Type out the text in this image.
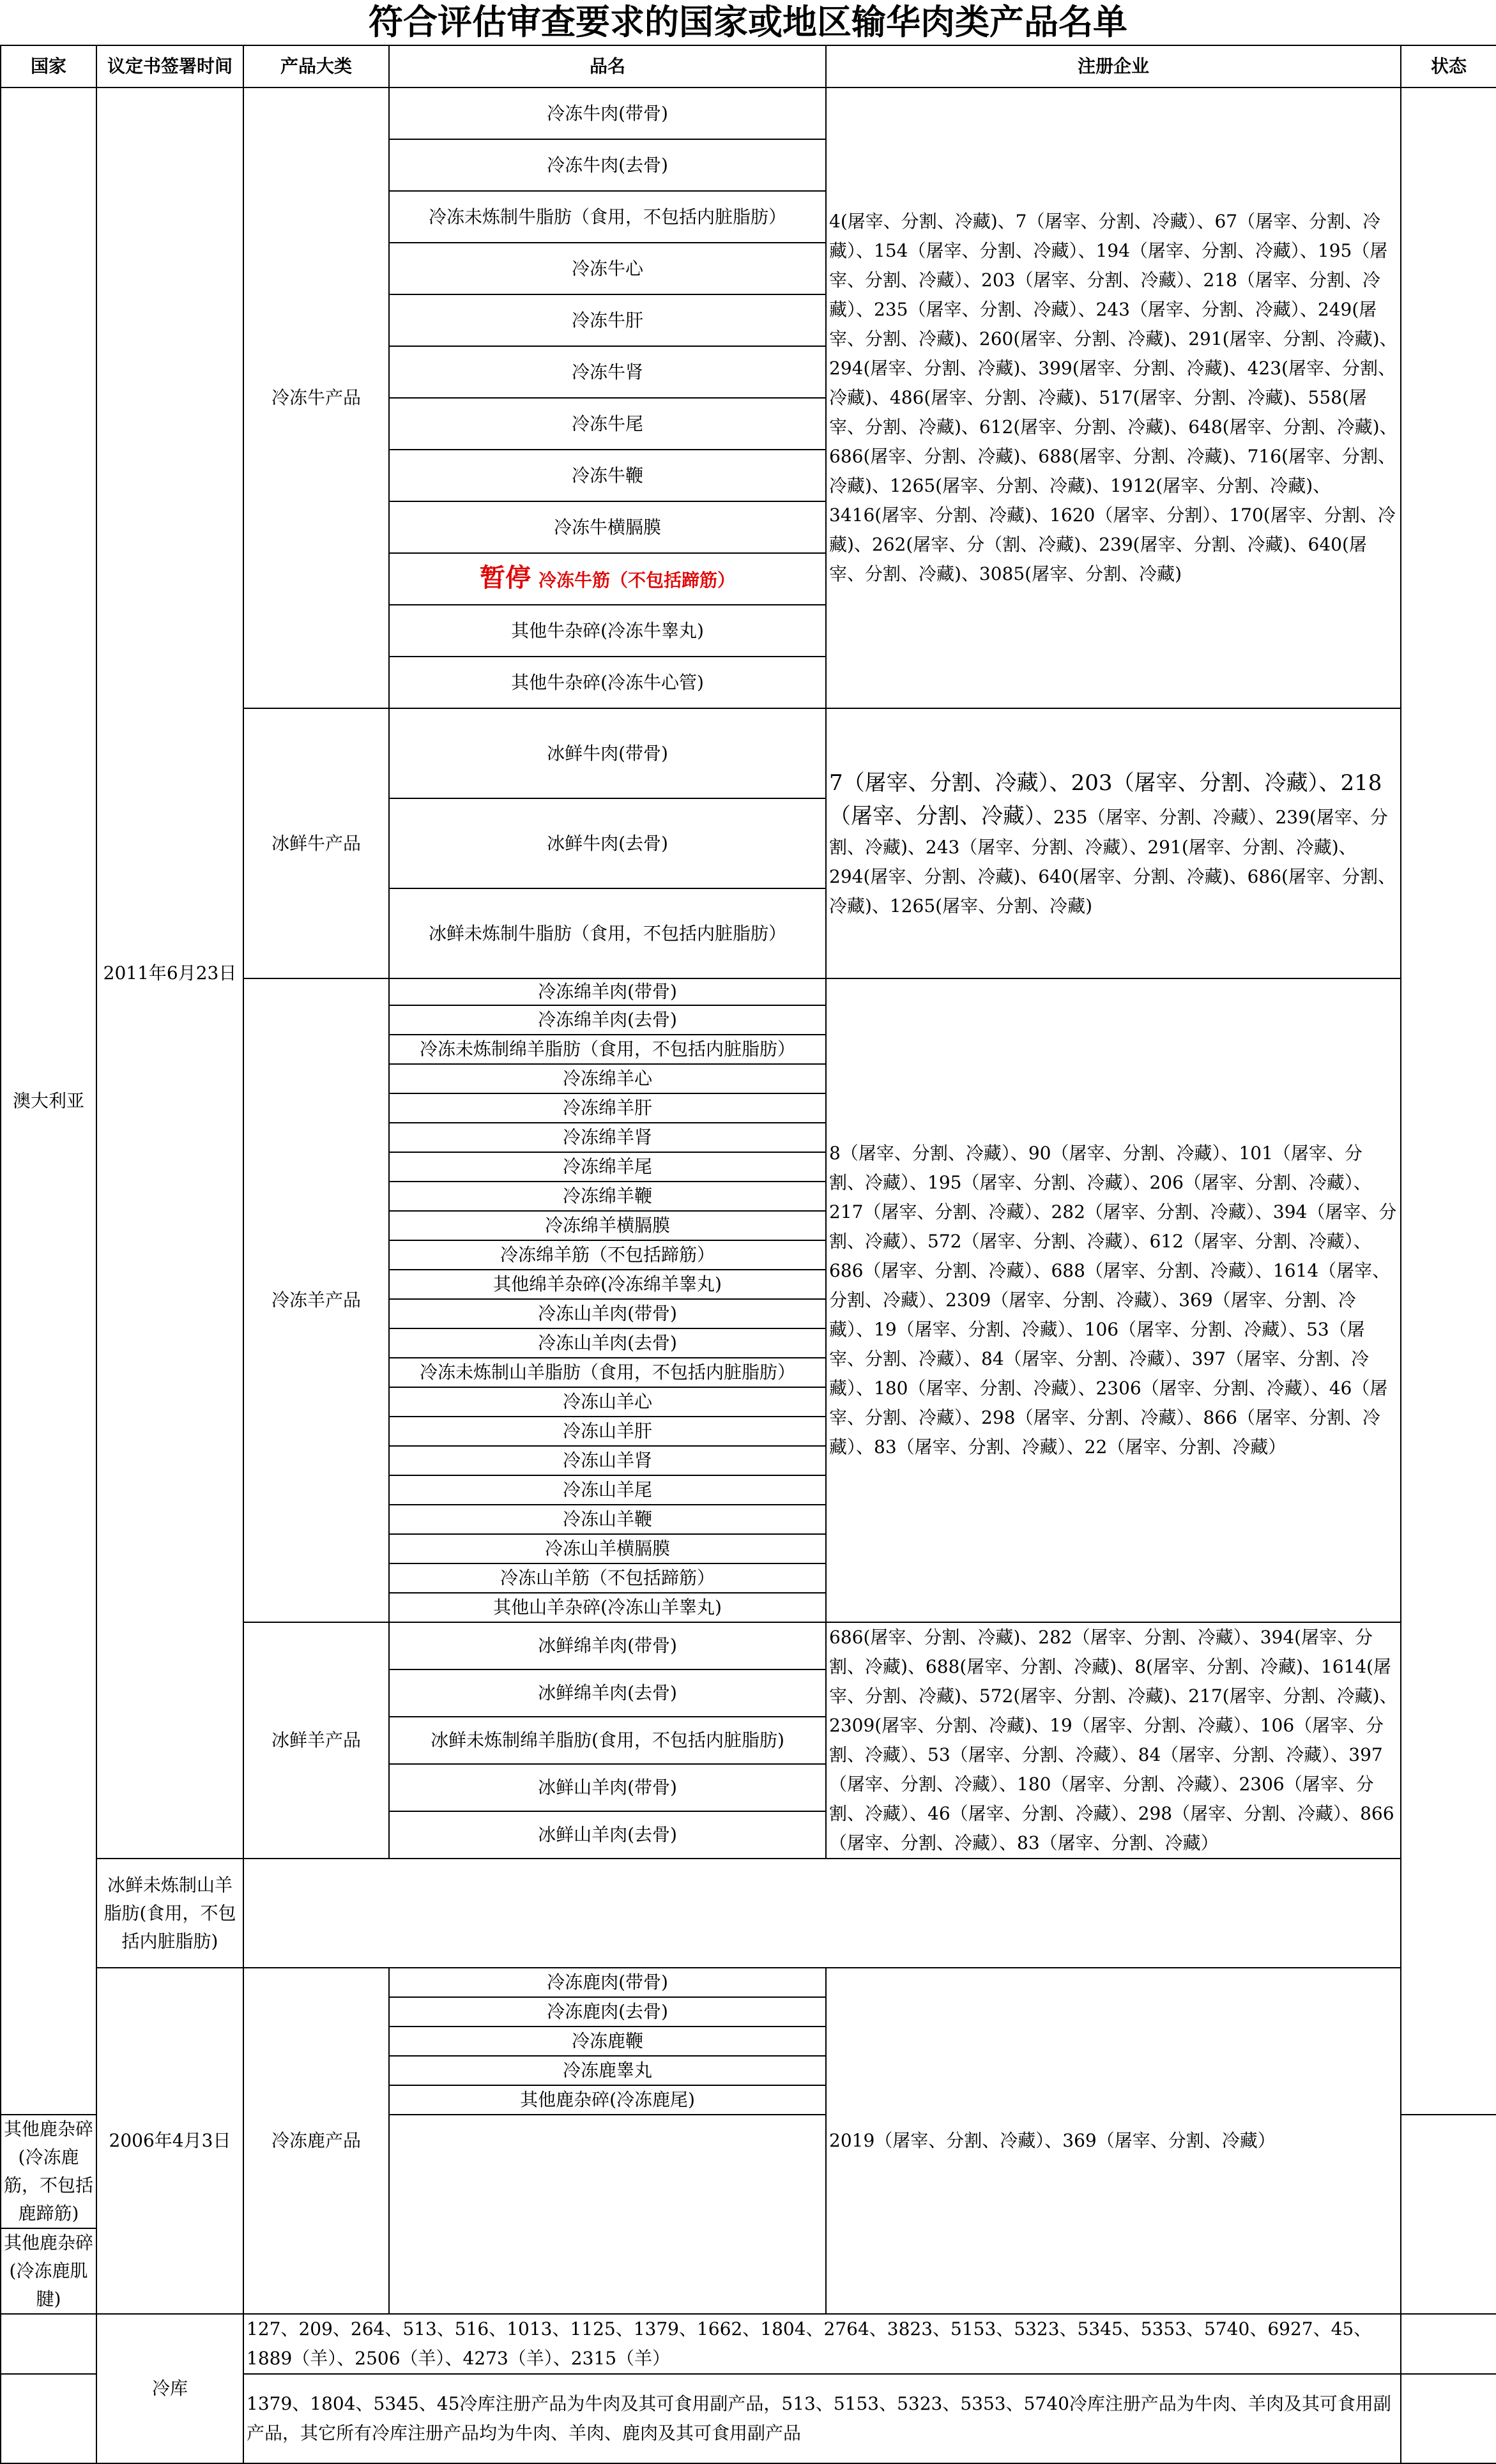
符合评估审查要求的国家或地区输华肉类产品名单
国家	议定书签署时间	产品大类	品名	注册企业	状态
澳大利亚	2011年6月23日	冷冻牛产品	冷冻牛肉(带骨)	4(屠宰、分割、冷藏)、7（屠宰、分割、冷藏）、67（屠宰、分割、冷藏）、154（屠宰、分割、冷藏）、194（屠宰、分割、冷藏）、195（屠宰、分割、冷藏）、203（屠宰、分割、冷藏）、218（屠宰、分割、冷藏）、235（屠宰、分割、冷藏）、243（屠宰、分割、冷藏）、249(屠宰、分割、冷藏)、260(屠宰、分割、冷藏)、291(屠宰、分割、冷藏)、294(屠宰、分割、冷藏)、399(屠宰、分割、冷藏)、423(屠宰、分割、冷藏)、486(屠宰、分割、冷藏)、517(屠宰、分割、冷藏)、558(屠宰、分割、冷藏)、612(屠宰、分割、冷藏)、648(屠宰、分割、冷藏)、686(屠宰、分割、冷藏)、688(屠宰、分割、冷藏)、716(屠宰、分割、冷藏)、1265(屠宰、分割、冷藏)、1912(屠宰、分割、冷藏)、3416(屠宰、分割、冷藏)、1620（屠宰、分割）、170(屠宰、分割、冷藏)、262(屠宰、分（割、冷藏)、239(屠宰、分割、冷藏)、640(屠宰、分割、冷藏)、3085(屠宰、分割、冷藏)	
			冷冻牛肉(去骨)		
			冷冻未炼制牛脂肪（食用，不包括内脏脂肪）		
			冷冻牛心		
			冷冻牛肝		
			冷冻牛肾		
			冷冻牛尾		
			冷冻牛鞭		
			冷冻牛横膈膜		
			暂停 冷冻牛筋（不包括蹄筋）		
			其他牛杂碎(冷冻牛睾丸)		
			其他牛杂碎(冷冻牛心管)		
		冰鲜牛产品	冰鲜牛肉(带骨)	7（屠宰、分割、冷藏）、203（屠宰、分割、冷藏）、218（屠宰、分割、冷藏）、235（屠宰、分割、冷藏）、239(屠宰、分割、冷藏)、243（屠宰、分割、冷藏）、291(屠宰、分割、冷藏)、294(屠宰、分割、冷藏)、640(屠宰、分割、冷藏)、686(屠宰、分割、冷藏)、1265(屠宰、分割、冷藏)	
			冰鲜牛肉(去骨)		
			冰鲜未炼制牛脂肪（食用，不包括内脏脂肪）		
		冷冻羊产品	冷冻绵羊肉(带骨)	8（屠宰、分割、冷藏）、90（屠宰、分割、冷藏）、101（屠宰、分割、冷藏）、195（屠宰、分割、冷藏）、206（屠宰、分割、冷藏）、217（屠宰、分割、冷藏）、282（屠宰、分割、冷藏）、394（屠宰、分割、冷藏）、572（屠宰、分割、冷藏）、612（屠宰、分割、冷藏）、686（屠宰、分割、冷藏）、688（屠宰、分割、冷藏）、1614（屠宰、分割、冷藏）、2309（屠宰、分割、冷藏）、369（屠宰、分割、冷藏）、19（屠宰、分割、冷藏）、106（屠宰、分割、冷藏）、53（屠宰、分割、冷藏）、84（屠宰、分割、冷藏）、397（屠宰、分割、冷藏）、180（屠宰、分割、冷藏）、2306（屠宰、分割、冷藏）、46（屠宰、分割、冷藏）、298（屠宰、分割、冷藏）、866（屠宰、分割、冷藏）、83（屠宰、分割、冷藏）、22（屠宰、分割、冷藏）	
			冷冻绵羊肉(去骨)		
			冷冻未炼制绵羊脂肪（食用，不包括内脏脂肪）		
			冷冻绵羊心		
			冷冻绵羊肝		
			冷冻绵羊肾		
			冷冻绵羊尾		
			冷冻绵羊鞭		
			冷冻绵羊横膈膜		
			冷冻绵羊筋（不包括蹄筋）		
			其他绵羊杂碎(冷冻绵羊睾丸)		
			冷冻山羊肉(带骨)		
			冷冻山羊肉(去骨)		
			冷冻未炼制山羊脂肪（食用，不包括内脏脂肪）		
			冷冻山羊心		
			冷冻山羊肝		
			冷冻山羊肾		
			冷冻山羊尾		
			冷冻山羊鞭		
			冷冻山羊横膈膜		
			冷冻山羊筋（不包括蹄筋）		
			其他山羊杂碎(冷冻山羊睾丸)		
		冰鲜羊产品	冰鲜绵羊肉(带骨)	686(屠宰、分割、冷藏)、282（屠宰、分割、冷藏）、394(屠宰、分割、冷藏)、688(屠宰、分割、冷藏)、8(屠宰、分割、冷藏)、1614(屠宰、分割、冷藏)、572(屠宰、分割、冷藏)、217(屠宰、分割、冷藏)、2309(屠宰、分割、冷藏)、19（屠宰、分割、冷藏）、106（屠宰、分割、冷藏）、53（屠宰、分割、冷藏）、84（屠宰、分割、冷藏）、397（屠宰、分割、冷藏）、180（屠宰、分割、冷藏）、2306（屠宰、分割、冷藏）、46（屠宰、分割、冷藏）、298（屠宰、分割、冷藏）、866（屠宰、分割、冷藏）、83（屠宰、分割、冷藏）	
			冰鲜绵羊肉(去骨)		
			冰鲜未炼制绵羊脂肪(食用，不包括内脏脂肪)		
			冰鲜山羊肉(带骨)		
			冰鲜山羊肉(去骨)		
	冰鲜未炼制山羊脂肪(食用，不包括内脏脂肪)				
	2006年4月3日	冷冻鹿产品	冷冻鹿肉(带骨)	2019（屠宰、分割、冷藏）、369（屠宰、分割、冷藏）	
			冷冻鹿肉(去骨)		
			冷冻鹿鞭		
			冷冻鹿睾丸		
			其他鹿杂碎(冷冻鹿尾)		
其他鹿杂碎(冷冻鹿筋，不包括鹿蹄筋)					
其他鹿杂碎(冷冻鹿肌腱)					
	冷库	127、209、264、513、516、1013、1125、1379、1662、1804、2764、3823、5153、5323、5345、5353、5740、6927、45、1889（羊）、2506（羊）、4273（羊）、2315（羊）			
		1379、1804、5345、45冷库注册产品为牛肉及其可食用副产品，513、5153、5323、5353、5740冷库注册产品为牛肉、羊肉及其可食用副产品，其它所有冷库注册产品均为牛肉、羊肉、鹿肉及其可食用副产品			
